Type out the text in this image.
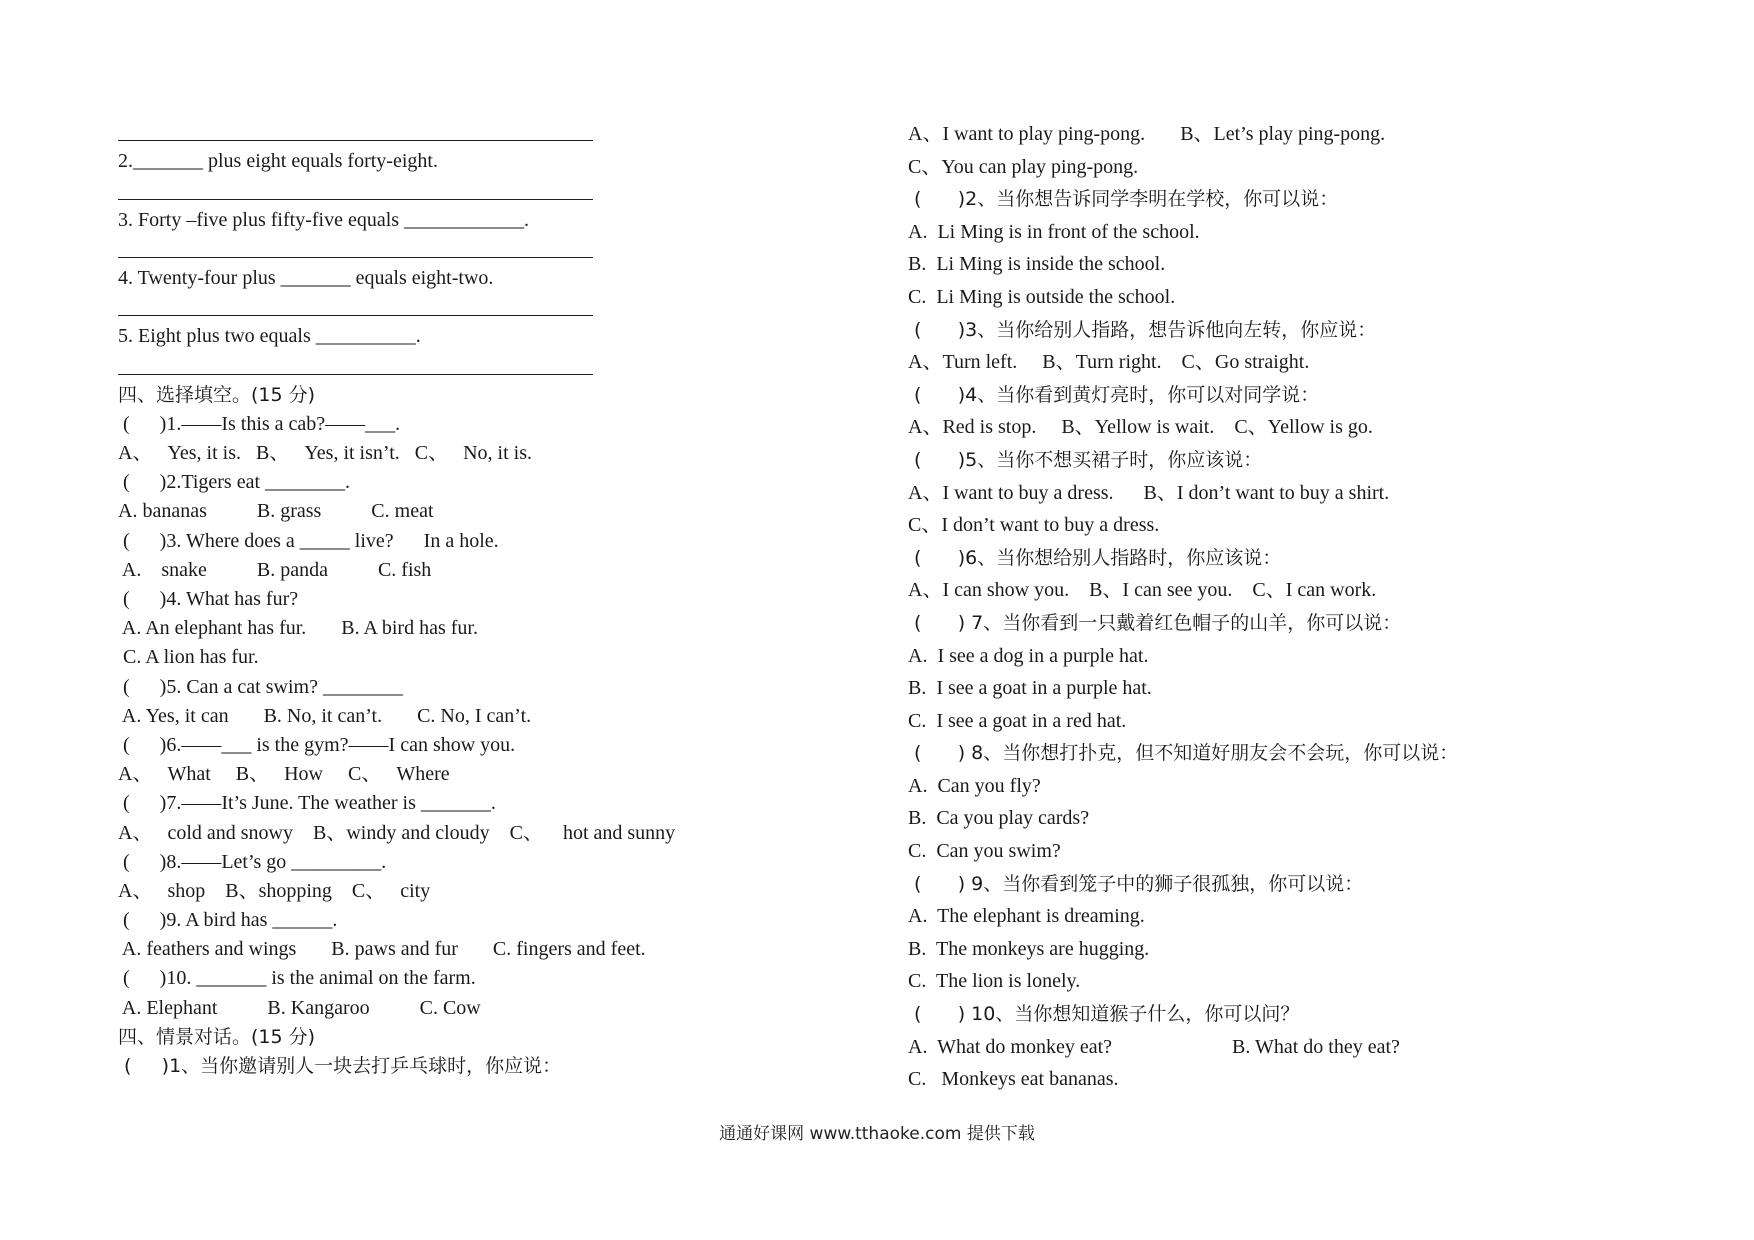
2._______ plus eight equals forty-eight.
3. Forty –five plus fifty-five equals ____________.
4. Twenty-four plus _______ equals eight-two.
5. Eight plus two equals __________.
四、选择填空。(15 分)
(      )1.——Is this a cab?——___.
A、   Yes, it is.   B、   Yes, it isn’t.   C、   No, it is.
(      )2.Tigers eat ________.
A. bananas          B. grass          C. meat
(      )3. Where does a _____ live?      In a hole.
A.    snake          B. panda          C. fish
(      )4. What has fur?
A. An elephant has fur.       B. A bird has fur.
C. A lion has fur.
(      )5. Can a cat swim? ________
A. Yes, it can       B. No, it can’t.       C. No, I can’t.
(      )6.——___ is the gym?——I can show you.
A、   What     B、   How     C、   Where
(      )7.——It’s June. The weather is _______.
A、   cold and snowy    B、windy and cloudy    C、    hot and sunny
(      )8.——Let’s go _________.
A、   shop    B、shopping    C、   city
(      )9. A bird has ______.
A. feathers and wings       B. paws and fur       C. fingers and feet.
(      )10. _______ is the animal on the farm.
A. Elephant          B. Kangaroo          C. Cow
四、情景对话。(15 分)
(     )1、当你邀请别人一块去打乒乓球时，你应说：
A、I want to play ping-pong.       B、Let’s play ping-pong.
C、You can play ping-pong.
(      )2、当你想告诉同学李明在学校，你可以说：
A.  Li Ming is in front of the school.
B.  Li Ming is inside the school.
C.  Li Ming is outside the school.
(      )3、当你给别人指路，想告诉他向左转，你应说：
A、Turn left.     B、Turn right.    C、Go straight.
(      )4、当你看到黄灯亮时，你可以对同学说：
A、Red is stop.     B、Yellow is wait.    C、Yellow is go.
(      )5、当你不想买裙子时，你应该说：
A、I want to buy a dress.      B、I don’t want to buy a shirt.
C、I don’t want to buy a dress.
(      )6、当你想给别人指路时，你应该说：
A、I can show you.    B、I can see you.    C、I can work.
(      ) 7、当你看到一只戴着红色帽子的山羊，你可以说：
A.  I see a dog in a purple hat.
B.  I see a goat in a purple hat.
C.  I see a goat in a red hat.
(      ) 8、当你想打扑克，但不知道好朋友会不会玩，你可以说：
A.  Can you fly?
B.  Ca you play cards?
C.  Can you swim?
(      ) 9、当你看到笼子中的狮子很孤独，你可以说：
A.  The elephant is dreaming.
B.  The monkeys are hugging.
C.  The lion is lonely.
(      ) 10、当你想知道猴子什么，你可以问？
A.  What do monkey eat?                        B. What do they eat?
C.   Monkeys eat bananas.
通通好课网 www.tthaoke.com 提供下载
